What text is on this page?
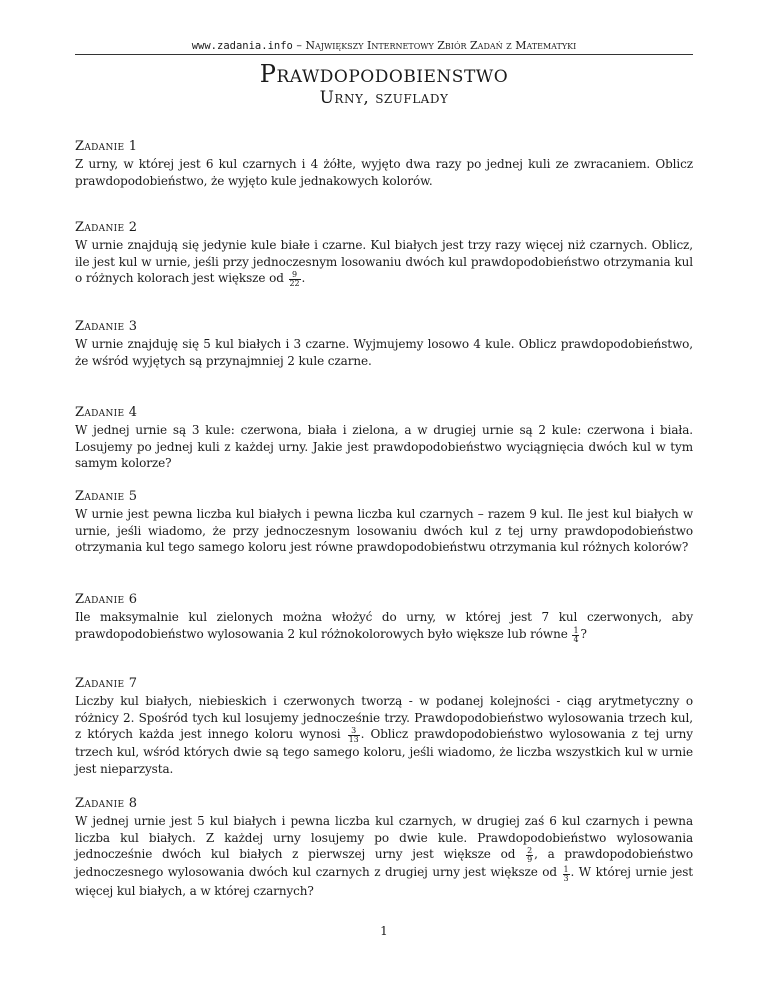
www.zadania.info – Największy Internetowy Zbiór Zadań z Matematyki
Prawdopodobienstwo
Urny, szuflady
Zadanie 1

Z urny, w której jest 6 kul czarnych i 4 żółte, wyjęto dwa razy po jednej kuli ze zwracaniem. Oblicz prawdopodobieństwo, że wyjęto kule jednakowych kolorów.

Zadanie 2

W urnie znajdują się jedynie kule białe i czarne. Kul białych jest trzy razy więcej niż czarnych. Oblicz, ile jest kul w urnie, jeśli przy jednoczesnym losowaniu dwóch kul prawdopodobieństwo otrzymania kul o różnych kolorach jest większe od $\frac{9}{22}$ .

Zadanie 3

W urnie znajduję się 5 kul białych i 3 czarne. Wyjmujemy losowo 4 kule. Oblicz prawdopodobieństwo, że wśród wyjętych są przynajmniej 2 kule czarne.

Zadanie 4

W jednej urnie są 3 kule: czerwona, biała i zielona, a w drugiej urnie są 2 kule: czerwona i biała. Losujemy po jednej kuli z każdej urny. Jakie jest prawdopodobieństwo wyciągnięcia dwóch kul w tym samym kolorze?

Zadanie 5

W urnie jest pewna liczba kul białych i pewna liczba kul czarnych – razem 9 kul. Ile jest kul białych w urnie, jeśli wiadomo, że przy jednoczesnym losowaniu dwóch kul z tej urny prawdopodobieństwo otrzymania kul tego samego koloru jest równe prawdopodobieństwu otrzymania kul różnych kolorów?

Zadanie 6

Ile maksymalnie kul zielonych można włożyć do urny, w której jest 7 kul czerwonych, aby prawdopodobieństwo wylosowania 2 kul różnokolorowych było większe lub równe $\frac{1}{4}$ ?

Zadanie 7

Liczby kul białych, niebieskich i czerwonych tworzą - w podanej kolejności - ciąg arytmetyczny o różnicy 2. Spośród tych kul losujemy jednocześnie trzy. Prawdopodobieństwo wylosowania trzech kul, z których każda jest innego koloru wynosi $\frac{3}{13}$ . Oblicz prawdopodobieństwo wylosowania z tej urny trzech kul, wśród których dwie są tego samego koloru, jeśli wiadomo, że liczba wszystkich kul w urnie jest nieparzysta.

Zadanie 8

W jednej urnie jest 5 kul białych i pewna liczba kul czarnych, w drugiej zaś 6 kul czarnych i pewna liczba kul białych. Z każdej urny losujemy po dwie kule. Prawdopodobieństwo wylosowania jednocześnie dwóch kul białych z pierwszej urny jest większe od $\frac{2}{9}$ , a prawdopodobieństwo jednoczesnego wylosowania dwóch kul czarnych z drugiej urny jest większe od $\frac{1}{3}$ . W której urnie jest więcej kul białych, a w której czarnych?

1
